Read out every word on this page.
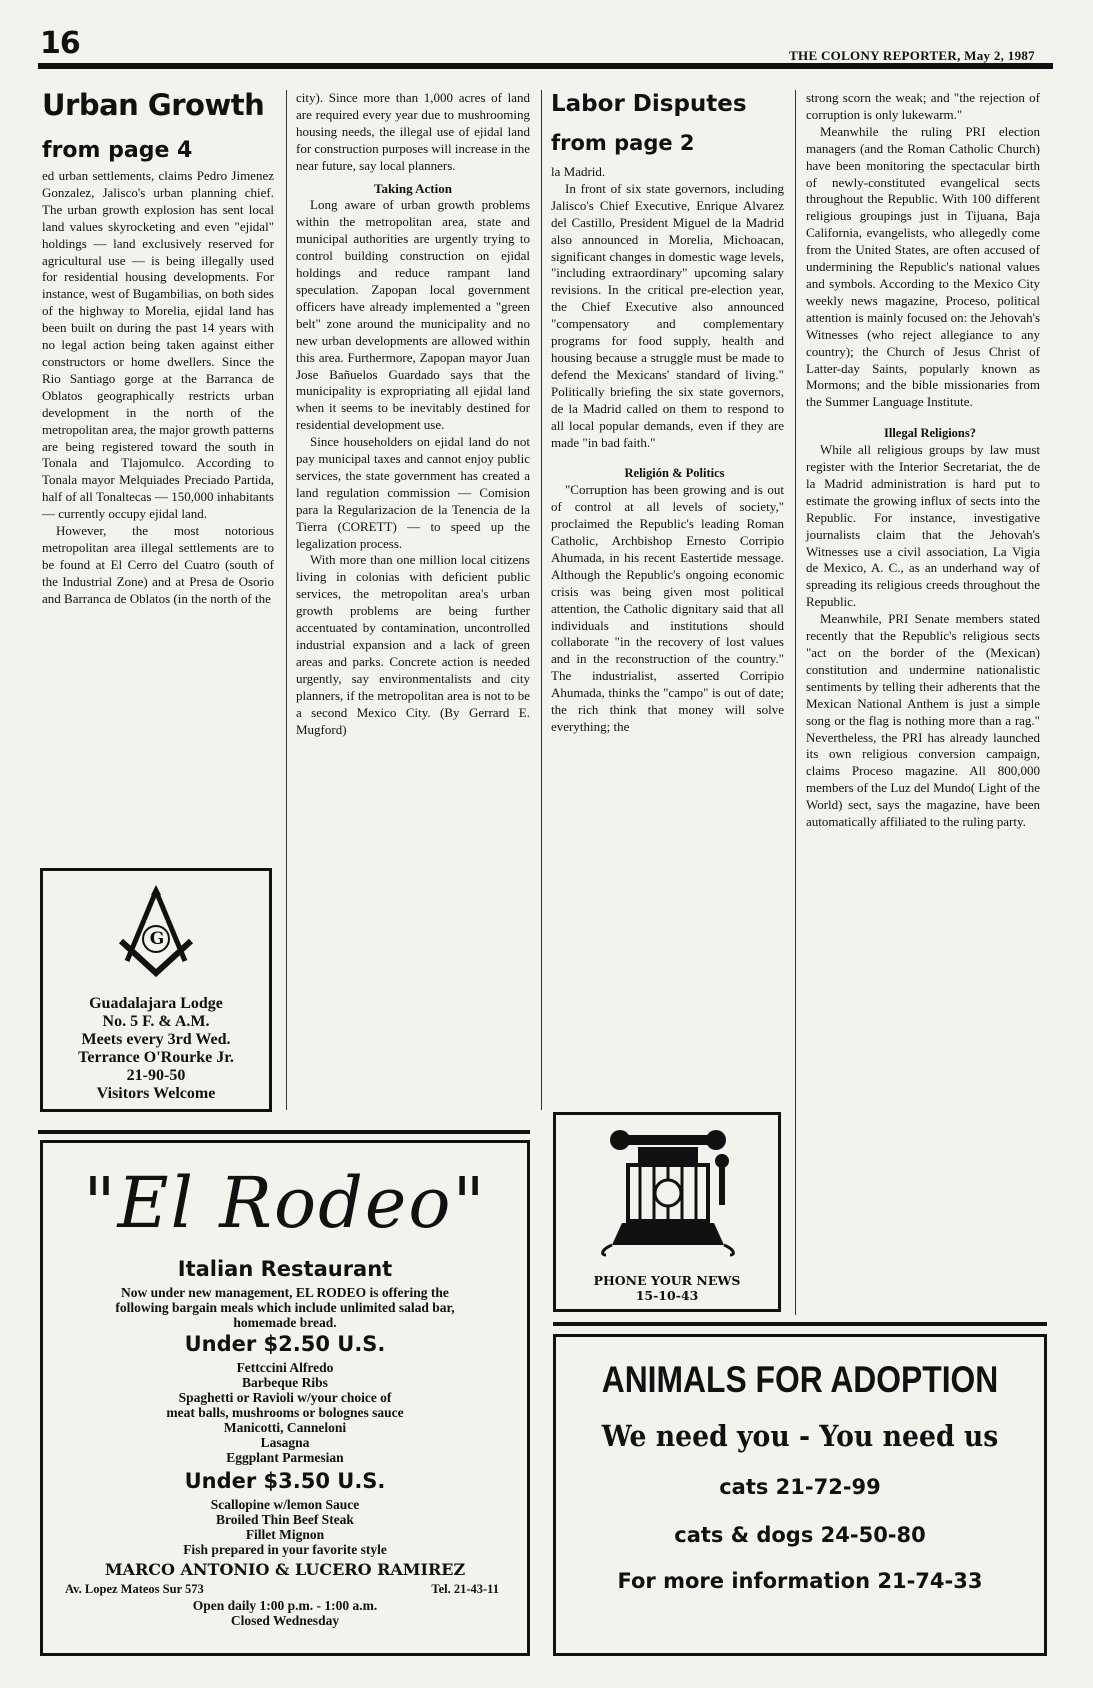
16	THE COLONY REPORTER, May 2, 1987
Urban Growth
from page 4

ed urban settlements, claims Pedro Jimenez Gonzalez, Jalisco's urban planning chief. The urban growth explosion has sent local land values skyrocketing and even "ejidal" holdings — land exclusively reserved for agricultural use — is being illegally used for residential housing developments. For instance, west of Bugambilias, on both sides of the highway to Morelia, ejidal land has been built on during the past 14 years with no legal action being taken against either constructors or home dwellers. Since the Rio Santiago gorge at the Barranca de Oblatos geographically restricts urban development in the north of the metropolitan area, the major growth patterns are being registered toward the south in Tonala and Tlajomulco. According to Tonala mayor Melquiades Preciado Partida, half of all Tonaltecas — 150,000 inhabitants — currently occupy ejidal land.

However, the most notorious metropolitan area illegal settlements are to be found at El Cerro del Cuatro (south of the Industrial Zone) and at Presa de Osorio and Barranca de Oblatos (in the north of the

G
Guadalajara Lodge
No. 5 F. & A.M.
Meets every 3rd Wed.
Terrance O'Rourke Jr.
21-90-50
Visitors Welcome

city). Since more than 1,000 acres of land are required every year due to mushrooming housing needs, the illegal use of ejidal land for construction purposes will increase in the near future, say local planners.

Taking Action

Long aware of urban growth problems within the metropolitan area, state and municipal authorities are urgently trying to control building construction on ejidal holdings and reduce rampant land speculation. Zapopan local government officers have already implemented a "green belt" zone around the municipality and no new urban developments are allowed within this area. Furthermore, Zapopan mayor Juan Jose Bañuelos Guardado says that the municipality is expropriating all ejidal land when it seems to be inevitably destined for residential development use.

Since householders on ejidal land do not pay municipal taxes and cannot enjoy public services, the state government has created a land regulation commission — Comision para la Regularizacion de la Tenencia de la Tierra (CORETT) — to speed up the legalization process.

With more than one million local citizens living in colonias with deficient public services, the metropolitan area's urban growth problems are being further accentuated by contamination, uncontrolled industrial expansion and a lack of green areas and parks. Concrete action is needed urgently, say environmentalists and city planners, if the metropolitan area is not to be a second Mexico City. (By Gerrard E. Mugford)

Labor Disputes
from page 2

la Madrid.

In front of six state governors, including Jalisco's Chief Executive, Enrique Alvarez del Castillo, President Miguel de la Madrid also announced in Morelia, Michoacan, significant changes in domestic wage levels, "including extraordinary" upcoming salary revisions. In the critical pre-election year, the Chief Executive also announced "compensatory and complementary programs for food supply, health and housing because a struggle must be made to defend the Mexicans' standard of living." Politically briefing the six state governors, de la Madrid called on them to respond to all local popular demands, even if they are made "in bad faith."

Religión & Politics

"Corruption has been growing and is out of control at all levels of society," proclaimed the Republic's leading Roman Catholic, Archbishop Ernesto Corripio Ahumada, in his recent Eastertide message. Although the Republic's ongoing economic crisis was being given most political attention, the Catholic dignitary said that all individuals and institutions should collaborate "in the recovery of lost values and in the reconstruction of the country." The industrialist, asserted Corripio Ahumada, thinks the "campo" is out of date; the rich think that money will solve everything; the

PHONE YOUR NEWS
15-10-43

strong scorn the weak; and "the rejection of corruption is only lukewarm."

Meanwhile the ruling PRI election managers (and the Roman Catholic Church) have been monitoring the spectacular birth of newly-constituted evangelical sects throughout the Republic. With 100 different religious groupings just in Tijuana, Baja California, evangelists, who allegedly come from the United States, are often accused of undermining the Republic's national values and symbols. According to the Mexico City weekly news magazine, Proceso, political attention is mainly focused on: the Jehovah's Witnesses (who reject allegiance to any country); the Church of Jesus Christ of Latter-day Saints, popularly known as Mormons; and the bible missionaries from the Summer Language Institute.

Illegal Religions?

While all religious groups by law must register with the Interior Secretariat, the de la Madrid administration is hard put to estimate the growing influx of sects into the Republic. For instance, investigative journalists claim that the Jehovah's Witnesses use a civil association, La Vigia de Mexico, A. C., as an underhand way of spreading its religious creeds throughout the Republic.

Meanwhile, PRI Senate members stated recently that the Republic's religious sects "act on the border of the (Mexican) constitution and undermine nationalistic sentiments by telling their adherents that the Mexican National Anthem is just a simple song or the flag is nothing more than a rag." Nevertheless, the PRI has already launched its own religious conversion campaign, claims Proceso magazine. All 800,000 members of the Luz del Mundo( Light of the World) sect, says the magazine, have been automatically affiliated to the ruling party.

"El Rodeo"
Italian Restaurant
Now under new management, EL RODEO is offering the following bargain meals which include unlimited salad bar, homemade bread.
Under $2.50 U.S.
Fettccini Alfredo
Barbeque Ribs
Spaghetti or Ravioli w/your choice of
meat balls, mushrooms or bolognes sauce
Manicotti, Canneloni
Lasagna
Eggplant Parmesian
Under $3.50 U.S.
Scallopine w/lemon Sauce
Broiled Thin Beef Steak
Fillet Mignon
Fish prepared in your favorite style
MARCO ANTONIO & LUCERO RAMIREZ
Av. Lopez Mateos Sur 573	Tel. 21-43-11
Open daily 1:00 p.m. - 1:00 a.m.
Closed Wednesday
ANIMALS FOR ADOPTION
We need you - You need us
cats 21-72-99
cats & dogs 24-50-80
For more information 21-74-33
